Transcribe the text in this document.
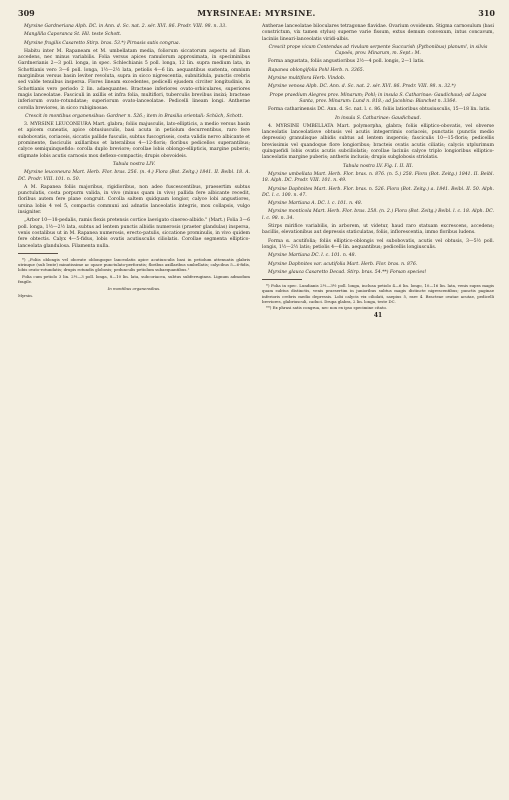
309	MYRSINEAE: MYRSINE.	310

Myrsine Gardneriana Alph. DC. in Ann. d. Sc. nat. 2. sér. XVI. 86. Prodr. VIII. 98. n. 33.

Manglilla Caporanca St. Hil. teste Schott.

Myrsine fragilis Casaretto Stirp. bras. 53.*) Pirnasis sutis congrua.

Habitu inter M. Rapaneam et M. umbellatam media, foliorum siccatorum aspectu ad illam accedens, nec minus variabilis. Folia versus apices ramulorum approximata, in speciminibus Gardnerianis 2—3 poll. longa, in spec. Schlechianis 5 poll. longa, 12 lin. supra medium lata, in Schottianis vero 3—6 poll. longa, 1½—2½ lata, petiolis 4—6 lin. aequantibus sustenta, omnium marginibus versus basin leviter revoluta, supra in sicco nigrescentia, subnitidula, punctis crebris sed valde tenuibus inspersa. Flores lineam excedentes, pedicelli ejusdem circiter longitudinis, in Schottianis vero periodo 2 lin. adaequantes. Bracteae inferiores ovato-orbiculares, superiores magis lanceolatae. Fasciculi in axillis et infra folia, multiflori, tuberculis brevibus insixi; bracteae inferiorum ovato-rotundatae; superiorum ovato-lanceolatae. Pedicelli lineam longi. Antherae corolla breviores, in sicco rubiginosae.

Crescit in montibus organensibus: Gardner n. 526.; item in Brasilia orientali: Schüch, Schott.

3. MYRSINE LEUCONEURA Mart. glabra; foliis majusculis, lato-ellipticis, a medio versus basin et apicem cuneatis, apice obtusiusculis, basi acuta in petiolum decurrentibus, raro fere subobovatis, coriaceis, siccatis pallide fusculis, subtus fuscogriseis, costa validis nervo albicante et prominente, fasciculis axillaribus et lateralibus 4—12-floris; floribus pedicellos superantibus; calyce semiquinquefido: corolla duplo breviore; corollae lobis oblongo-ellipticis, margine puberis; stigmate lobis acutis carnosis mox deflexo-compactis; drupis obovoideis.

Tabula nostra LIV.

Myrsine leuconeura Mart. Herb. Flor. bras. 256. (n. 4.) Flora (Bot. Zeitg.) 1841. II. Beibl. 18. A. DC. Prodr. VIII. 101. n. 50.

A M. Rapanea foliis majoribus, rigidioribus, non adeo fuscescentibus, praesertim subtus punctulatis, costa porpurm valida, in vivo (minus quam in vivo) pallida fere albicante recedit, floribus autem fere plane congruit. Corolla saltem quidquam longior, calyce lobi angustiores, ursina lobis 4 vel 5, compactis communi axi adnatis lanceolatis integris, mox collapsis, vulgo insigniter.

„Arbor 10—18-pedalis, ramis flexis pretensis cortice laevigato cinereo-albido." (Mart.) Folia 3—6 poll. longa, 1½—2½ lata, subtus ad lentem punctis albidis numerosis (praeter glandulas) inspersa, venis costalibus ut in M. Rapanea numerosis, erecto-patulis, siccatione prominulis, in vivo quidem fere obtectis. Calyx 4—5-fidus, lobis ovatis acutiusculis ciliolatis. Corollae segmenta elliptico-lanceolata glandulosa. Filamenta nulla.

*) „Foliis oblongis vel obovate oblongoque lanceolatis apice acutiusculis basi in petiolum attenuatis glabris utrinque (sub lente) minutissime ac opace punctulato-perforatis; floribus axillaribus umbellatis; calycibus 5—6-fidis, lobis ovato-rotundatis; drupis rotundis globosis; pedunculis petiolum subaequantibus."

Folia cum petiolo 3 lin. 2½—3 poll. longa, 8—10 lin. lata, subcoriacea, subtus subferruginea. Lignum admodum fragile.

In montibus organensibus.

Myrsin.

Antherae lanceolatae biloculares tetragonae flavidae. Ovarium ovoideum. Stigma carnosulum (basi constrictum, vix tamen stylus) superne varie fissum, extus demum convexum, intus concavum, laciniis lineari-lanceolatis viridi-albis.

Crescit prope vicum Contendas ad rivulum serpente Succurish (Pythonibus) planum!, in silvis Capoës, prov. Minarum, m. Sept.: M.

Forma angustata, foliis angustioribus 2½—4 poll. longis, 2—1 latis.

Rapanea oblongifolia Pohl Herb. n. 3365.

Myrsine multiflora Herb. Vindob.

Myrsine venosa Alph. DC. Ann. d. Sc. nat. 2. sér. XVI. 86. Prodr. VIII. 98. n. 32.*)

Prope praedium Alegres prov. Minarum; Pohl; in insula S. Catharinae: Gaudichaud; ad Lagoa Santa, prov. Minarum: Lund n. 818.; ad Jacobina: Blanchet n. 3364.

Forma catharinensis DC. Ann. d. Sc. nat. l. c. 86. foliis latioribus obtusiusculis, 15—18 lin. latis.

In insula S. Catharinae: Gaudichaud.

4. MYRSINE UMBELLATA Mart. polymorpha, glabra; foliis elliptico-obovatis, vel obverse lanceolatis lanceolatisve obtusis vel acutis integerrimis coriaceis, punctatis (punctis medio depressis) granulisque albidis subtus ad lentem inspersis; fasciculis 10—15-floris; pedicellis brevissimis vel quandoque flore longioribus; bracteis ovatis acutis ciliatis; calycis utplurimum quinquefidi lobis ovatis acutis subciliolatis; corollae laciniis calyce triplo longioribus elliptico-lanceolatis margine puberis; antheris inclusis; drupis subglobosis striolatis.

Tabula nostra LV. Fig. I. II. III.

Myrsine umbellata Mart. Herb. Flor. bras. n. 876. (n. 5.) 258. Flora (Bot. Zeitg.) 1841. II. Beibl. 18. Alph. DC. Prodr. VIII. 101. n. 49.

Myrsine Daphnites Mart. Herb. Flor. bras. n. 526. Flora (Bot. Zeitg.) a. 1841. Beibl. II. 50. Alph. DC. l. c. 100. n. 47.

Myrsine Martiana A. DC. l. c. 101. n. 48.

Myrsine montícola Mart. Herb. Flor. bras. 258. (n. 2.) Flora (Bot. Zeitg.) Beibl. l. c. 18. Alph. DC. l. c. 98. n. 34.

Stirps mirifice variabilis, in arborem, ut videtur, haud raro statuam excrescens, accedens; bacillis, elevationibus aut depressis staticulatas, foliis, inflorescentia, immo floribus ludens.

Forma α. acutifolia; foliis elliptico-oblongis vel subobovatis, acutis vel obtusis, 3—5½ poll. longis, 1½—2½ latis; petiolis 4—6 lin. aequantibus; pedicellis longiusculis.

Myrsine Martiana DC. l. c. 101. n. 48.

Myrsine Daphnites var. acutifolia Mart. Herb. Flor. bras. n. 876.

Myrsine glauca Casaretto Decad. Stirp. bras. 54.**) Forsan species!

*) Folia in spec. Lundianis 2½—3½ poll. longa, inclusa petiolo 4—6 lin. longo, 10—16 lin. lata, venis supra magis quam subtus distinctis, venis praesertim in junioribus subtus magis distincte nigrescentibus; punctis paginae inferioris crebris medio depressis. Lobi calycis vix ciliolati, saepius 5, rare 4. Bracteae ovatae acutae, pedicelli breviores, glabriusculi, caduci. Drupa glabra, 2 lin. longa, teste DC.

**) Ex phrasi satis congrua, nec non ex ipso specimine citato.

41
